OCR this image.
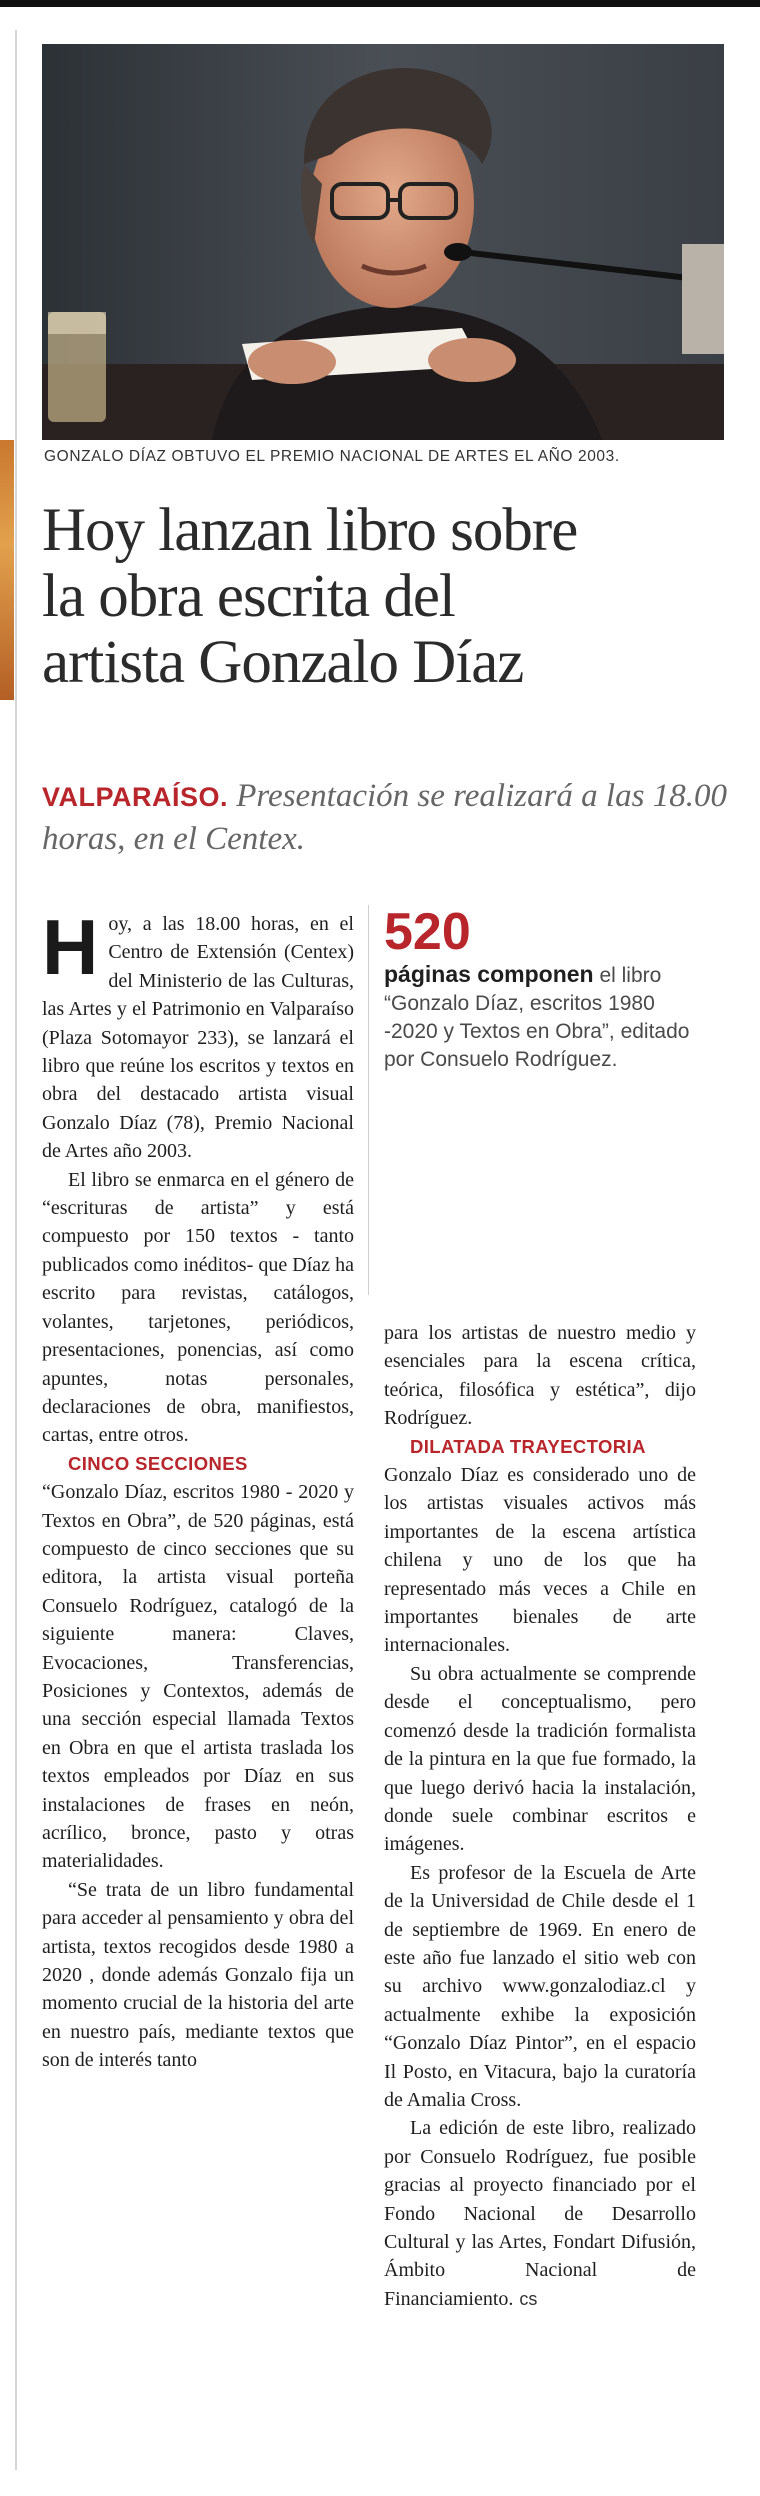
GONZALO DÍAZ OBTUVO EL PREMIO NACIONAL DE ARTES EL AÑO 2003.
Hoy lanzan libro sobre
la obra escrita del
artista Gonzalo Díaz
VALPARAÍSO. Presentación se realizará a las 18.00 horas, en el Centex.

Hoy, a las 18.00 horas, en el Centro de Extensión (Centex) del Ministerio de las Culturas, las Artes y el Patrimonio en Valparaíso (Plaza Sotomayor 233), se lanzará el libro que reúne los escritos y textos en obra del destacado artista visual Gonzalo Díaz (78), Premio Nacional de Artes año 2003.

El libro se enmarca en el género de “escrituras de artista” y está compuesto por 150 textos - tanto publicados como inéditos- que Díaz ha escrito para revistas, catálogos, volantes, tarjetones, periódicos, presentaciones, ponencias, así como apuntes, notas personales, declaraciones de obra, manifiestos, cartas, entre otros.

CINCO SECCIONES

“Gonzalo Díaz, escritos 1980 - 2020 y Textos en Obra”, de 520 páginas, está compuesto de cinco secciones que su editora, la artista visual porteña Consuelo Rodríguez, catalogó de la siguiente manera: Claves, Evocaciones, Transferencias, Posiciones y Contextos, además de una sección especial llamada Textos en Obra en que el artista traslada los textos empleados por Díaz en sus instalaciones de frases en neón, acrílico, bronce, pasto y otras materialidades.

“Se trata de un libro fundamental para acceder al pensamiento y obra del artista, textos recogidos desde 1980 a 2020 , donde además Gonzalo fija un momento crucial de la historia del arte en nuestro país, mediante textos que son de interés tanto

520
páginas componen el libro “Gonzalo Díaz, escritos 1980 -2020 y Textos en Obra”, editado por Consuelo Rodríguez.

para los artistas de nuestro medio y esenciales para la escena crítica, teórica, filosófica y estética”, dijo Rodríguez.

DILATADA TRAYECTORIA

Gonzalo Díaz es considerado uno de los artistas visuales activos más importantes de la escena artística chilena y uno de los que ha representado más veces a Chile en importantes bienales de arte internacionales.

Su obra actualmente se comprende desde el conceptualismo, pero comenzó desde la tradición formalista de la pintura en la que fue formado, la que luego derivó hacia la instalación, donde suele combinar escritos e imágenes.

Es profesor de la Escuela de Arte de la Universidad de Chile desde el 1 de septiembre de 1969. En enero de este año fue lanzado el sitio web con su archivo www.gonzalodiaz.cl y actualmente exhibe la exposición “Gonzalo Díaz Pintor”, en el espacio Il Posto, en Vitacura, bajo la curatoría de Amalia Cross.

La edición de este libro, realizado por Consuelo Rodríguez, fue posible gracias al proyecto financiado por el Fondo Nacional de Desarrollo Cultural y las Artes, Fondart Difusión, Ámbito Nacional de Financiamiento. cs
